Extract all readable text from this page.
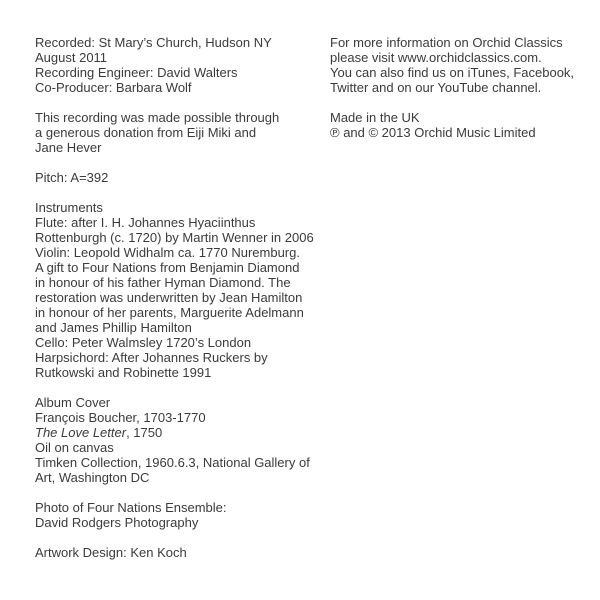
Recorded: St Mary’s Church, Hudson NY
August 2011
Recording Engineer: David Walters
Co-Producer: Barbara Wolf
This recording was made possible through
a generous donation from Eiji Miki and
Jane Hever
Pitch: A=392
Instruments
Flute: after I. H. Johannes Hyaciinthus
Rottenburgh (c. 1720) by Martin Wenner in 2006
Violin: Leopold Widhalm ca. 1770 Nuremburg.
A gift to Four Nations from Benjamin Diamond
in honour of his father Hyman Diamond. The
restoration was underwritten by Jean Hamilton
in honour of her parents, Marguerite Adelmann
and James Phillip Hamilton
Cello: Peter Walmsley 1720’s London
Harpsichord: After Johannes Ruckers by
Rutkowski and Robinette 1991
Album Cover
François Boucher, 1703-1770
The Love Letter, 1750
Oil on canvas
Timken Collection, 1960.6.3, National Gallery of
Art, Washington DC
Photo of Four Nations Ensemble:
David Rodgers Photography
Artwork Design: Ken Koch
For more information on Orchid Classics
please visit www.orchidclassics.com.
You can also find us on iTunes, Facebook,
Twitter and on our YouTube channel.
Made in the UK
℗ and © 2013 Orchid Music Limited
